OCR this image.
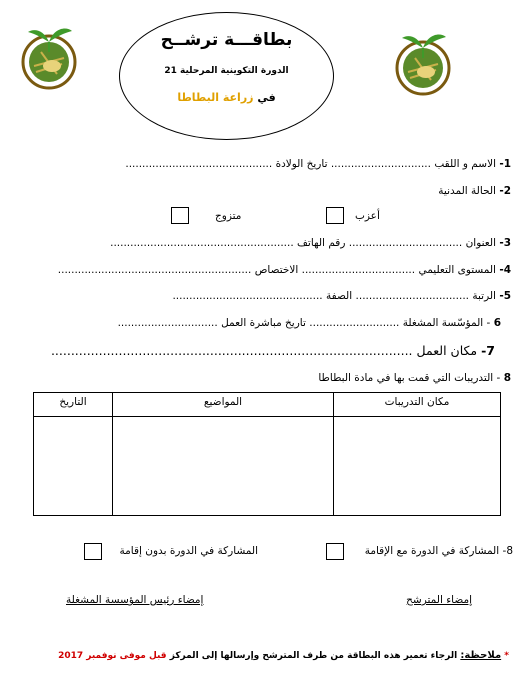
بطاقـــة ترشــح
الدورة التكوينية المرحلية 21
في زراعة البطاطا
1- الاسم و اللقب .............................. تاريخ الولادة ............................................
2- الحالة المدنية
أعزب
متزوج
3- العنوان .................................. رقم الهاتف .......................................................
4- المستوى التعليمي .................................. الاختصاص ..........................................................
5- الرتبة .................................. الصفة .............................................
6 - المؤسّسة المشغلة ........................... تاريخ مباشرة العمل ..............................
7- مكان العمل ...........................................................................................
8 - التدريبات التي قمت بها في مادة البطاطا
مكان التدريبات	المواضيع	التاريخ

8- المشاركة في الدورة مع الإقامة
المشاركة في الدورة بدون إقامة
إمضاء المترشح
إمضاء رئيس المؤسسة المشغلة
* ملاحظة: الرجاء تعمير هذه البطاقة من طرف المترشح وإرسالها إلى المركز قبل موفى نوفمبر 2017
